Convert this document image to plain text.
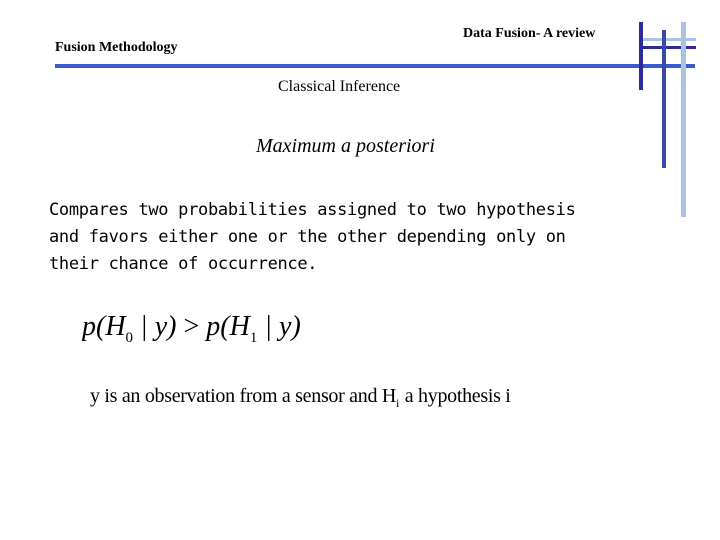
Data Fusion- A review
Fusion Methodology
Classical Inference
Maximum a posteriori
Compares two probabilities assigned to two hypothesis
and favors either one or the other depending only on
their chance of occurrence.
$p(H_0$ | $y) > p(H_1$ | y)
y is an observation from a sensor and $H_i$ a hypothesis i
